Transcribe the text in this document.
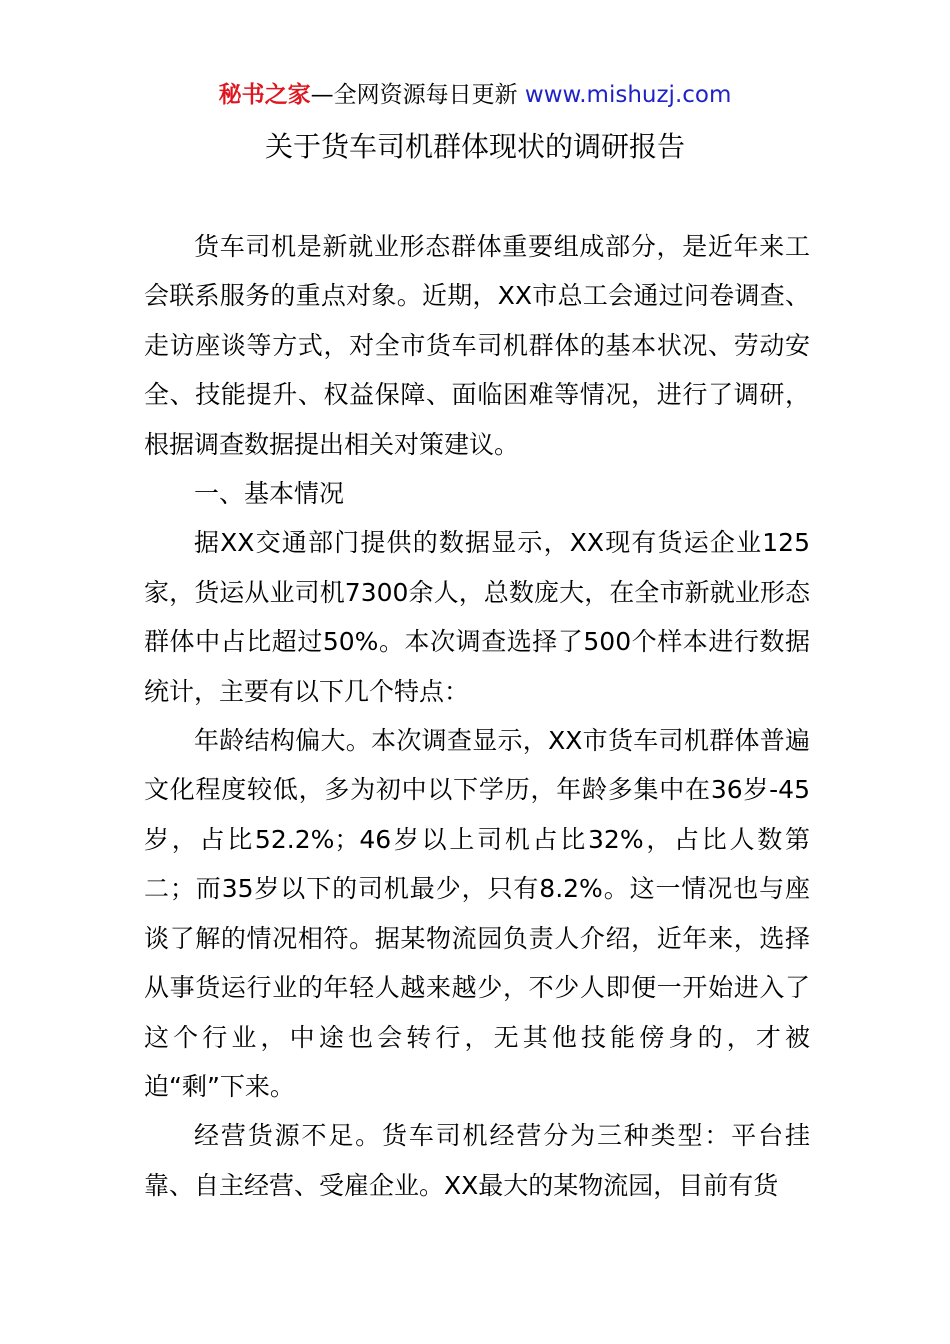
秘书之家—全网资源每日更新 www.mishuzj.com
关于货车司机群体现状的调研报告

货车司机是新就业形态群体重要组成部分，是近年来工会联系服务的重点对象。近期，XX市总工会通过问卷调查、走访座谈等方式，对全市货车司机群体的基本状况、劳动安全、技能提升、权益保障、面临困难等情况，进行了调研，根据调查数据提出相关对策建议。

一、基本情况

据XX交通部门提供的数据显示，XX现有货运企业125家，货运从业司机7300余人，总数庞大，在全市新就业形态群体中占比超过50%。本次调查选择了500个样本进行数据统计，主要有以下几个特点：

年龄结构偏大。本次调查显示，XX市货车司机群体普遍文化程度较低，多为初中以下学历，年龄多集中在36岁-45岁，占比52.2%；46岁以上司机占比32%，占比人数第二；而35岁以下的司机最少，只有8.2%。这一情况也与座谈了解的情况相符。据某物流园负责人介绍，近年来，选择从事货运行业的年轻人越来越少，不少人即便一开始进入了这个行业，中途也会转行，无其他技能傍身的，才被迫“剩”下来。

经营货源不足。货车司机经营分为三种类型：平台挂靠、自主经营、受雇企业。XX最大的某物流园，目前有货
